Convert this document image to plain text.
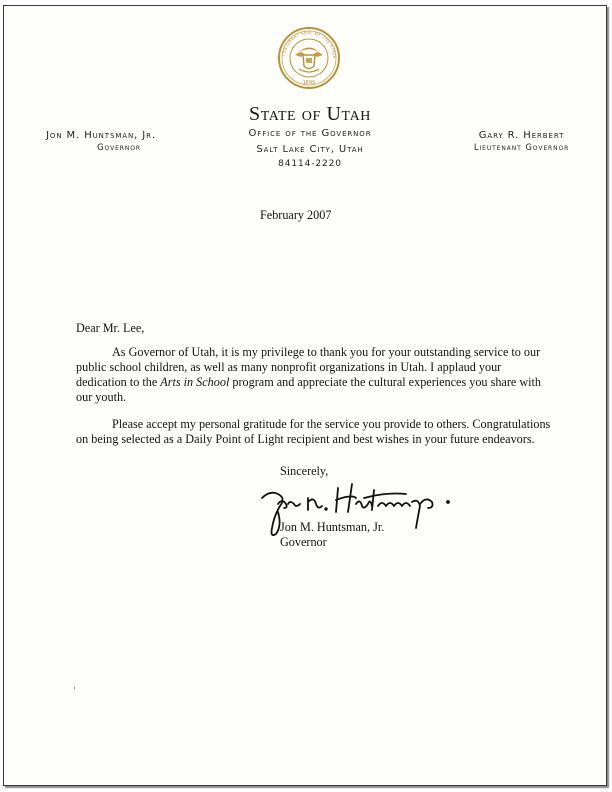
1896
THE GREAT SEAL OF THE STATE
State of Utah
Office of the Governor
Salt Lake City, Utah
84114-2220
Jon M. Huntsman, Jr.
Governor
Gary R. Herbert
Lieutenant Governor
February 2007
Dear Mr. Lee,
As Governor of Utah, it is my privilege to thank you for your outstanding service to our
public school children, as well as many nonprofit organizations in Utah. I applaud your
dedication to the Arts in School program and appreciate the cultural experiences you share with
our youth.
Please accept my personal gratitude for the service you provide to others. Congratulations
on being selected as a Daily Point of Light recipient and best wishes in your future endeavors.
Sincerely,
Jon M. Huntsman, Jr.
Governor
